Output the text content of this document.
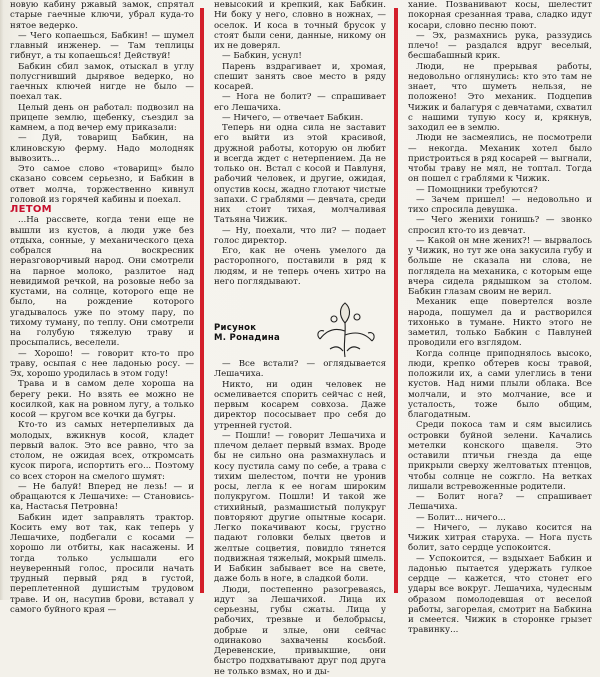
новую кабину ржавый замок, спрятал старые гаечные ключи, убрал куда-то нятое ведерко.

— Чего копаешься, Бабкин! — шумел главный инженер. — Там теплицы гибнут, а ты копаешься! Действуй!

Бабкин сбил замок, отыскал в углу полусгнивший дырявое ведерко, но гаечных ключей нигде не было — поехал так.

Целый день он работал: подвозил на прицепе землю, щебенку, съездил за камнем, а под вечер ему приказали:

— Дуй, товарищ Бабкин, на клиновскую ферму. Надо молодняк вывозить...

Это самое слово «товарищ» было сказано совсем серьезно, и Бабкин в ответ молча, торжественно кивнул головой из горячей кабины и поехал.

ЛЕТОМ

...На рассвете, когда тени еще не вышли из кустов, а люди уже без отдыха, сонные, у механического цеха собрался на воскресник неразговорчивый народ. Они смотрели на парное молоко, разлитое над невидимой речкой, на розовые небо за кустами, на солнце, которого еще не было, на рождение которого угадывалось уже по этому пару, по тихому туману, по теплу. Они смотрели на голубую тяжелую траву и просыпались, веселели.

— Хорошо! — говорит кто-то про траву, осыпая с нее ладонью росу. — Эх, хорошо уродилась в этом году!

Трава и в самом деле хороша на берегу реки. Но взять ее можно не косилкой, как на ровном лугу, а только косой — кругом все кочки да бугры.

Кто-то из самых нетерпеливых да молодых, вжикнув косой, кладет первый валок. Это все равно, что за столом, не ожидая всех, откромсать кусок пирога, испортить его... Поэтому со всех сторон на смелого шумят:

— Не балуй! Вперед не лезь! — и обращаются к Лешачихе: — Становись-ка, Настасья Петровна!

Бабкин идет заправлять трактор. Косить ему вот так, как теперь у Лешачихе, подбегали с косами — хорошо ли отбиты, как насажены. И тогда только услышали его неуверенный голос, просили начать трудный первый ряд в густой, переплетенной душистым трудовом траве. И он, насупив брови, вставал у самого буйного края —

невысокий и крепкий, как Бабкин. Ни боку у него, словно в ножнах, — оселок. И коса в точный брусок у стоят были сени, данные, никому он их не доверял.

— Бабкин, уснул!

Парень вздрагивает и, хромая, спешит занять свое место в ряду косарей.

— Нога не болит? — спрашивает его Лешачиха.

— Ничего, — отвечает Бабкин.

Теперь ни одна сила не заставит его выйти из этой красивой, дружной работы, которую он любит и всегда ждет с нетерпением. Да не только он. Встал с косой и Павлуня, рабочий человек, и другие, ожидая, опустив косы, жадно глотают чистые запахи. С граблями — девчата, среди них стоит тихая, молчаливая Татьяна Чижик.

— Ну, поехали, что ли? — подает голос директор.

Его, как не очень умелого да расторопного, поставили в ряд к людям, и не теперь очень хитро на него поглядывают.

Рисунок
М. Ронадина

— Все встали? — оглядывается Лешачиха.

Никто, ни один человек не осмеливается спорить сейчас с ней, первым косарем совхоза. Даже директор пососывает про себя до утренней густой.

— Пошли! — говорит Лешачиха и плечом делает первый взмах. Вроде бы не сильно она размахнулась и косу пустила саму по себе, а трава с тихим шелестом, почти не уронив росы, легла к ее ногам широким полукругом. Пошли! И такой же стихийный, размашистый полукруг повторяют другие опытные косари. Легко покачивают косы, грустно падают головки белых цветов и желтые соцветия, повидло тянется подвижная тяжелый, мокрый шмель. И Бабкин забывает все на свете, даже боль в ноге, в сладкой боли.

Люди, постепенно разогреваясь, идут за Лешачихой. Лица их серьезны, губы сжаты. Лица у рабочих, трезвые и белобрысы, добрые и злые, они сейчас одинаково захвачены косьбой. Деревенские, привыкшие, они быстро подхватывают друг под друга не только взмах, но и ды-

хание. Позванивают косы, шелестит покорная срезанная трава, сладко идут косари, словно песню поют.

— Эх, размахнись рука, раззудись плечо! — раздался вдруг веселый, бесшабашный крик.

Люди, не прерывая работы, недовольно оглянулись: кто это там не знает, что шуметь нельзя, не положено! Это механик. Подцепив Чижик и балагуря с девчатами, схватил с нашими тупую косу и, крякнув, заходил ее в землю.

Люди не засмеялись, не посмотрели — некогда. Механик хотел было пристроиться в ряд косарей — выгнали, чтобы траву не мял, не топтал. Тогда он пошел с граблями к Чижик.

— Помощники требуются?

— Зачем пришел! — недовольно и тихо спросила девушка.

— Чего женихи гонишь? — звонко спросил кто-то из девчат.

— Какой он мне жених?! — вырвалось у Чижик, но тут же она закусила губу и больше не сказала ни слова, не поглядела на механика, с которым еще вчера сидела рядышком за столом. Бабкин глазам своим не верил.

Механик еще повертелся возле народа, пошумел да и растворился тихонько в тумане. Никто этого не заметил, только Бабкин с Павлуней проводили его взглядом.

Когда солнце приподнялось высоко, люди, крепко обтерев косы травой, положили их, а сами улеглись в тени кустов. Над ними плыли облака. Все молчали, и это молчание, все и усталость, тоже было общим, благодатным.

Среди покоса там и сям высились островки буйной зелени. Качались метелки конского щавеля. Это оставили птичьи гнезда да еще прикрыли сверху желтоватых птенцов, чтобы солнце не сожгло. На ветках лишали встревоженные родители.

— Болит нога? — спрашивает Лешачиха.

— Болит... ничего...

— Ничего, — лукаво косится на Чижик хитрая старуха. — Нога пусть болит, зато сердце успокоится.

— Успокоится, — вздыхает Бабкин и ладонью пытается удержать гулкое сердце — кажется, что стонет его удары все вокруг. Лешачиха, чудесным образом помолодевшая от веселой работы, загорелая, смотрит на Бабкина и смеется. Чижик в сторонке грызет травинку...
